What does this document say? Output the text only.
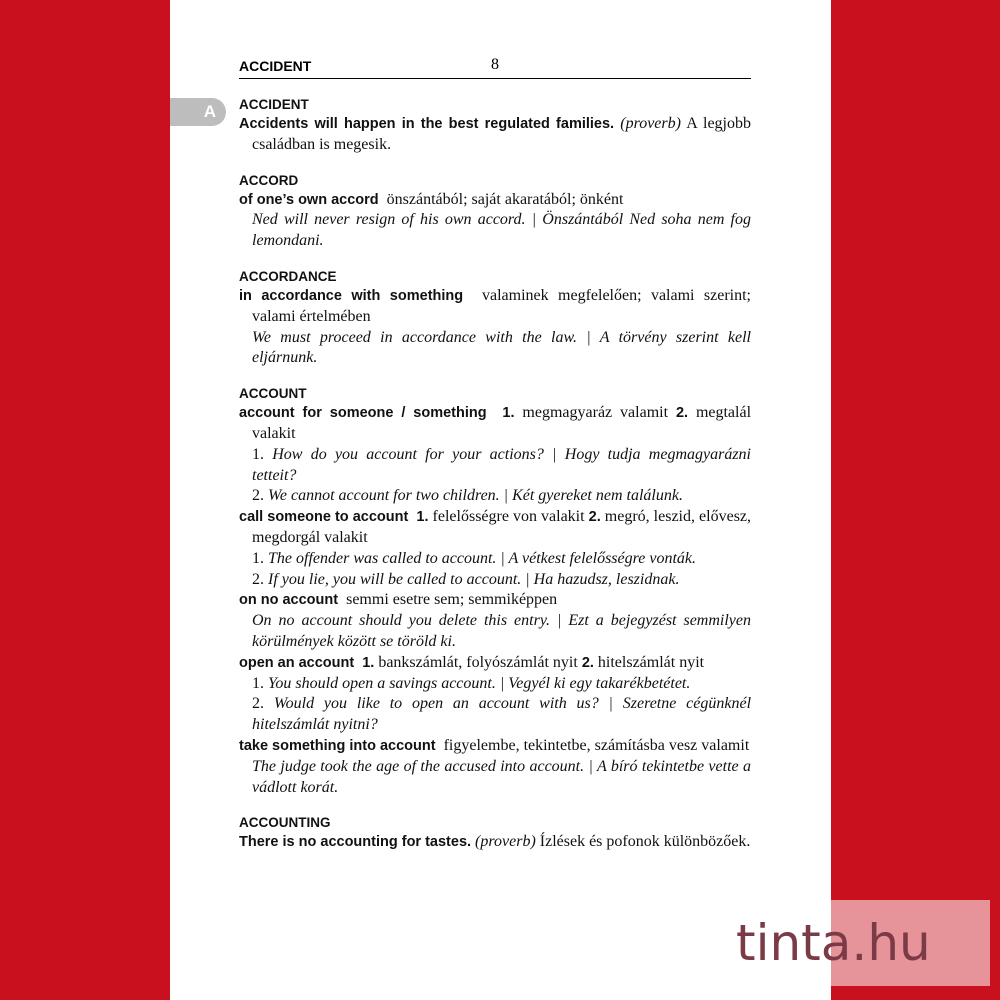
A
ACCIDENT	8
ACCIDENT
Accidents will happen in the best regulated families. (proverb) A legjobb családban is megesik.
ACCORD
of one’s own accord önszántából; saját akaratából; önként
Ned will never resign of his own accord. | Önszántából Ned soha nem fog lemondani.
ACCORDANCE
in accordance with something valaminek megfelelően; valami szerint; valami értelmében
We must proceed in accordance with the law. | A törvény szerint kell eljárnunk.
ACCOUNT
account for someone / something 1. megmagyaráz valamit 2. megtalál valakit
1. How do you account for your actions? | Hogy tudja megmagyarázni tetteit?
2. We cannot account for two children. | Két gyereket nem találunk.
call someone to account 1. felelősségre von valakit 2. megró, leszid, elővesz, megdorgál valakit
1. The offender was called to account. | A vétkest felelősségre vonták.
2. If you lie, you will be called to account. | Ha hazudsz, leszidnak.
on no account semmi esetre sem; semmiképpen
On no account should you delete this entry. | Ezt a bejegyzést semmilyen körülmények között se töröld ki.
open an account 1. bankszámlát, folyószámlát nyit 2. hitelszámlát nyit
1. You should open a savings account. | Vegyél ki egy takarékbetétet.
2. Would you like to open an account with us? | Szeretne cégünknél hitelszámlát nyitni?
take something into account figyelembe, tekintetbe, számításba vesz valamit
The judge took the age of the accused into account. | A bíró tekintetbe vette a vádlott korát.
ACCOUNTING
There is no accounting for tastes. (proverb) Ízlések és pofonok különbözőek.
tinta.hu
